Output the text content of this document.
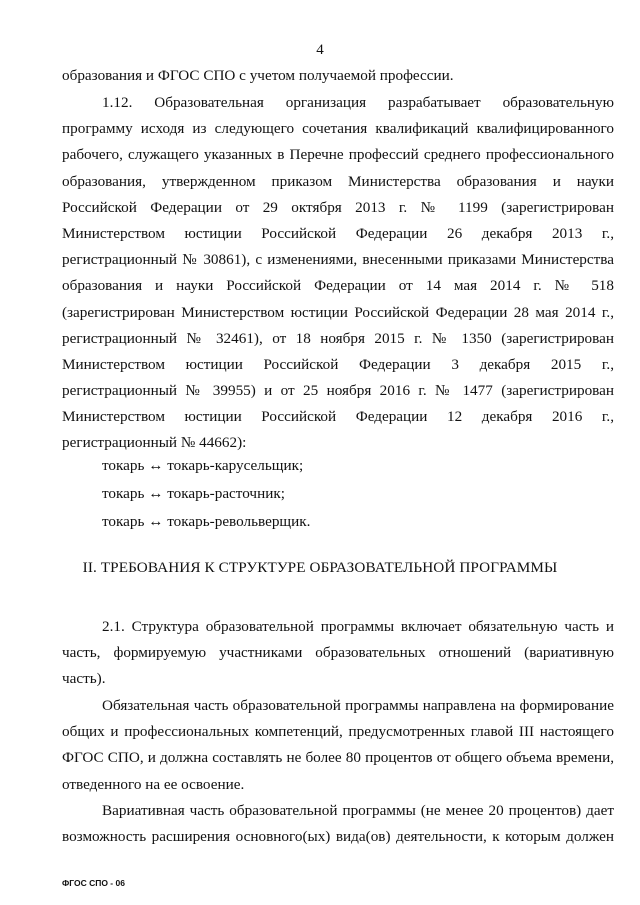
4
образования и ФГОС СПО с учетом получаемой профессии.
1.12. Образовательная организация разрабатывает образовательную
программу исходя из следующего сочетания квалификаций квалифицированного
рабочего, служащего указанных в Перечне профессий среднего профессионального
образования, утвержденном приказом Министерства образования и науки
Российской Федерации от 29 октября 2013 г. № 1199 (зарегистрирован
Министерством юстиции Российской Федерации 26 декабря 2013 г.,
регистрационный № 30861), с изменениями, внесенными приказами Министерства
образования и науки Российской Федерации от 14 мая 2014 г. № 518
(зарегистрирован Министерством юстиции Российской Федерации 28 мая 2014 г.,
регистрационный № 32461), от 18 ноября 2015 г. № 1350 (зарегистрирован
Министерством юстиции Российской Федерации 3 декабря 2015 г.,
регистрационный № 39955) и от 25 ноября 2016 г. № 1477 (зарегистрирован
Министерством юстиции Российской Федерации 12 декабря 2016 г.,
регистрационный № 44662):
токарь ↔ токарь-карусельщик;
токарь ↔ токарь-расточник;
токарь ↔ токарь-револьверщик.
II. ТРЕБОВАНИЯ К СТРУКТУРЕ ОБРАЗОВАТЕЛЬНОЙ ПРОГРАММЫ
2.1. Структура образовательной программы включает обязательную часть и
часть, формируемую участниками образовательных отношений (вариативную
часть).
Обязательная часть образовательной программы направлена на формирование
общих и профессиональных компетенций, предусмотренных главой III настоящего
ФГОС СПО, и должна составлять не более 80 процентов от общего объема времени,
отведенного на ее освоение.
Вариативная часть образовательной программы (не менее 20 процентов) дает
возможность расширения основного(ых) вида(ов) деятельности, к которым должен
ФГОС СПО - 06
